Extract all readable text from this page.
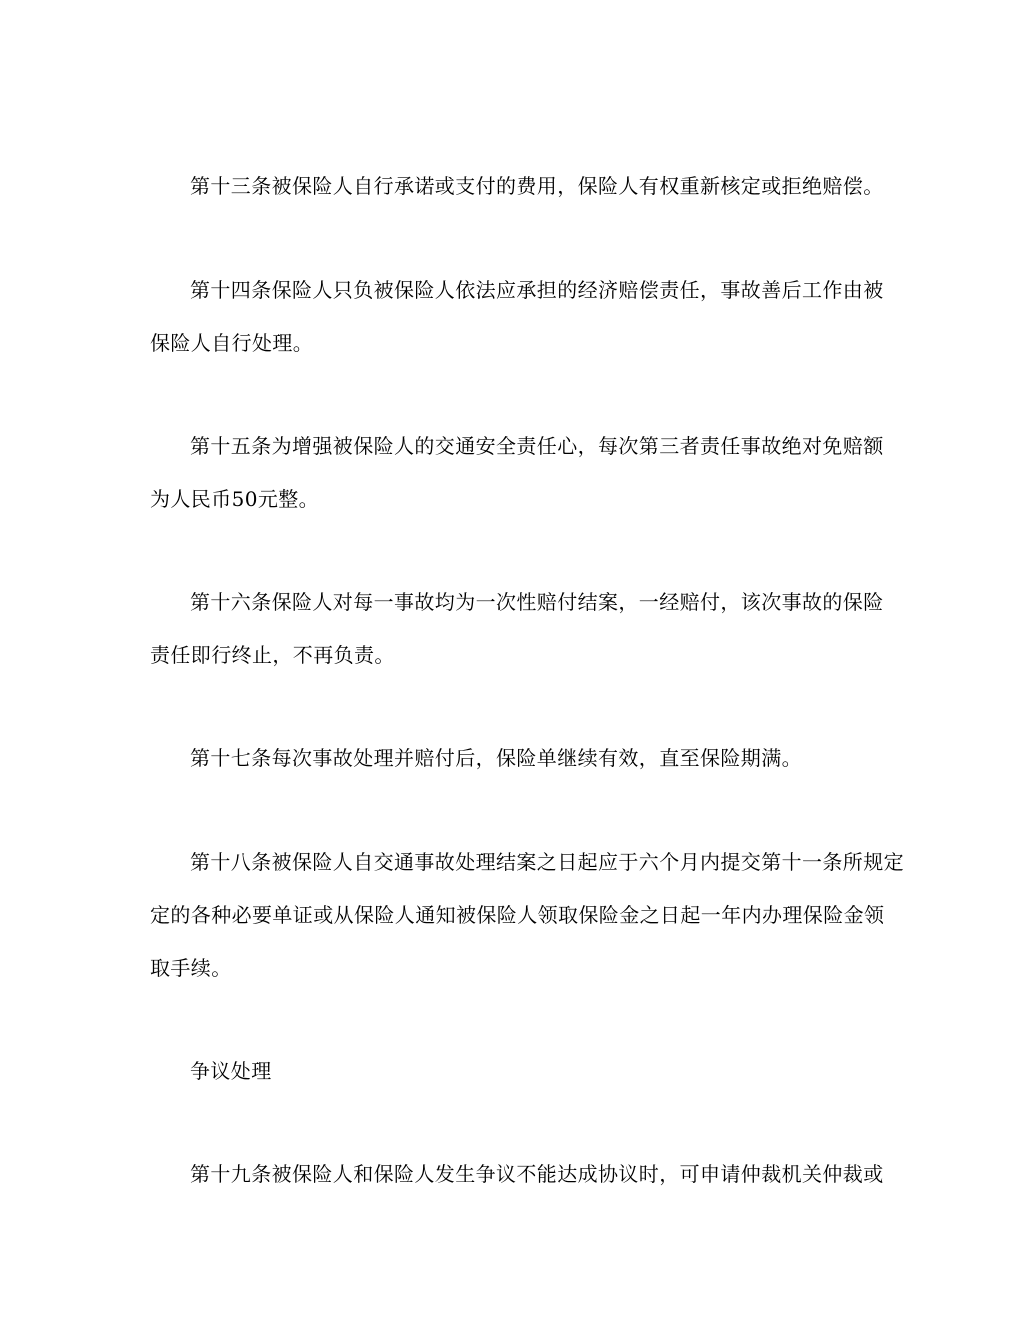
第十三条被保险人自行承诺或支付的费用，保险人有权重新核定或拒绝赔偿。

第十四条保险人只负被保险人依法应承担的经济赔偿责任，事故善后工作由被

保险人自行处理。

第十五条为增强被保险人的交通安全责任心，每次第三者责任事故绝对免赔额

为人民币50元整。

第十六条保险人对每一事故均为一次性赔付结案，一经赔付，该次事故的保险

责任即行终止，不再负责。

第十七条每次事故处理并赔付后，保险单继续有效，直至保险期满。

第十八条被保险人自交通事故处理结案之日起应于六个月内提交第十一条所规定

定的各种必要单证或从保险人通知被保险人领取保险金之日起一年内办理保险金领

取手续。

争议处理

第十九条被保险人和保险人发生争议不能达成协议时，可申请仲裁机关仲裁或
